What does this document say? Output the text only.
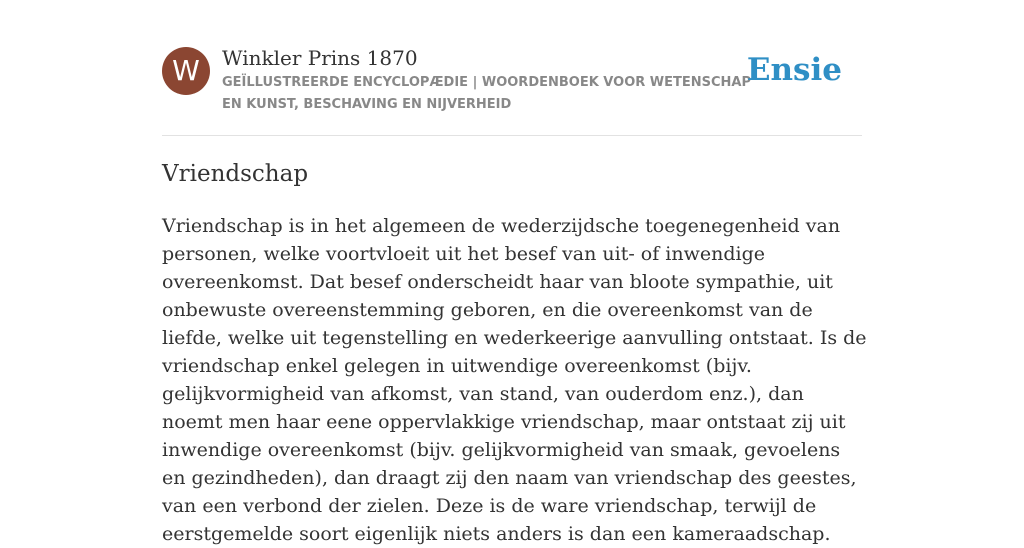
W	Winkler Prins 1870
GEÏLLUSTREERDE ENCYCLOPÆDIE | WOORDENBOEK VOOR WETENSCHAP EN KUNST, BESCHAVING EN NIJVERHEID
Ensie
Vriendschap

Vriendschap is in het algemeen de wederzijdsche toegenegenheid van personen, welke voortvloeit uit het besef van uit- of inwendige overeenkomst. Dat besef onderscheidt haar van bloote sympathie, uit onbewuste overeenstemming geboren, en die overeenkomst van de liefde, welke uit tegenstelling en wederkeerige aanvulling ontstaat. Is de vriendschap enkel gelegen in uitwendige overeenkomst (bijv. gelijkvormigheid van afkomst, van stand, van ouderdom enz.), dan noemt men haar eene oppervlakkige vriendschap, maar ontstaat zij uit inwendige overeenkomst (bijv. gelijkvormigheid van smaak, gevoelens en gezindheden), dan draagt zij den naam van vriendschap des geestes, van een verbond der zielen. Deze is de ware vriendschap, terwijl de eerstgemelde soort eigenlijk niets anders is dan een kameraadschap.
